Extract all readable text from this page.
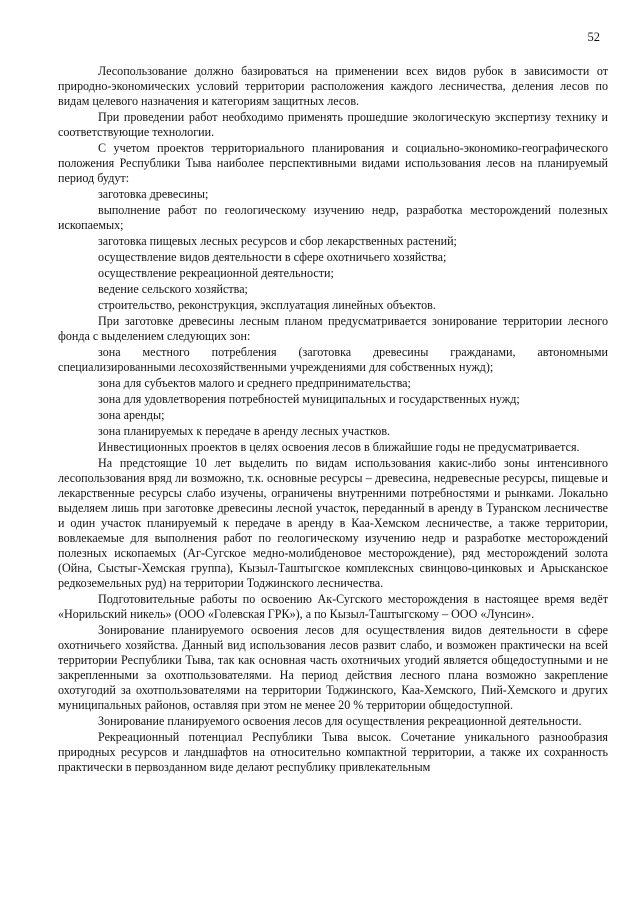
52

Лесопользование должно базироваться на применении всех видов рубок в зависимости от природно-экономических условий территории расположения каждого лесничества, деления лесов по видам целевого назначения и категориям защитных лесов.

При проведении работ необходимо применять прошедшие экологическую экспертизу технику и соответствующие технологии.

С учетом проектов территориального планирования и социально-экономико-географического положения Республики Тыва наиболее перспективными видами использования лесов на планируемый период будут:

заготовка древесины;

выполнение работ по геологическому изучению недр, разработка месторождений полезных ископаемых;

заготовка пищевых лесных ресурсов и сбор лекарственных растений;

осуществление видов деятельности в сфере охотничьего хозяйства;

осуществление рекреационной деятельности;

ведение сельского хозяйства;

строительство, реконструкция, эксплуатация линейных объектов.

При заготовке древесины лесным планом предусматривается зонирование территории лесного фонда с выделением следующих зон:

зона местного потребления (заготовка древесины гражданами, автономными специализированными лесохозяйственными учреждениями для собственных нужд);

зона для субъектов малого и среднего предпринимательства;

зона для удовлетворения потребностей муниципальных и государственных нужд;

зона аренды;

зона планируемых к передаче в аренду лесных участков.

Инвестиционных проектов в целях освоения лесов в ближайшие годы не предусматривается.

На предстоящие 10 лет выделить по видам использования какис-либо зоны интенсивного лесопользования вряд ли возможно, т.к. основные ресурсы – древесина, недревесные ресурсы, пищевые и лекарственные ресурсы слабо изучены, ограничены внутренними потребностями и рынками. Локально выделяем лишь при заготовке древесины лесной участок, переданный в аренду в Туранском лесничестве и один участок планируемый к передаче в аренду в Каа-Хемском лесничестве, а также территории, вовлекаемые для выполнения работ по геологическому изучению недр и разработке месторождений полезных ископаемых (Аг-Сугское медно-молибденовое месторождение), ряд месторождений золота (Ойна, Сыстыг-Хемская группа), Кызыл-Таштыгское комплексных свинцово-цинковых и Арысканское редкоземельных руд) на территории Тоджинского лесничества.

Подготовительные работы по освоению Ак-Сугского месторождения в настоящее время ведёт «Норильский никель» (ООО «Голевская ГРК»), а по Кызыл-Таштыгскому – ООО «Лунсин».

Зонирование планируемого освоения лесов для осуществления видов деятельности в сфере охотничьего хозяйства. Данный вид использования лесов развит слабо, и возможен практически на всей территории Республики Тыва, так как основная часть охотничьих угодий является общедоступными и не закрепленными за охотпользователями. На период действия лесного плана возможно закрепление охотугодий за охотпользователями на территории Тоджинского, Каа-Хемского, Пий-Хемского и других муниципальных районов, оставляя при этом не менее 20 % территории общедоступной.

Зонирование планируемого освоения лесов для осуществления рекреационной деятельности.

Рекреационный потенциал Республики Тыва высок. Сочетание уникального разнообразия природных ресурсов и ландшафтов на относительно компактной территории, а также их сохранность практически в первозданном виде делают республику привлекательным
